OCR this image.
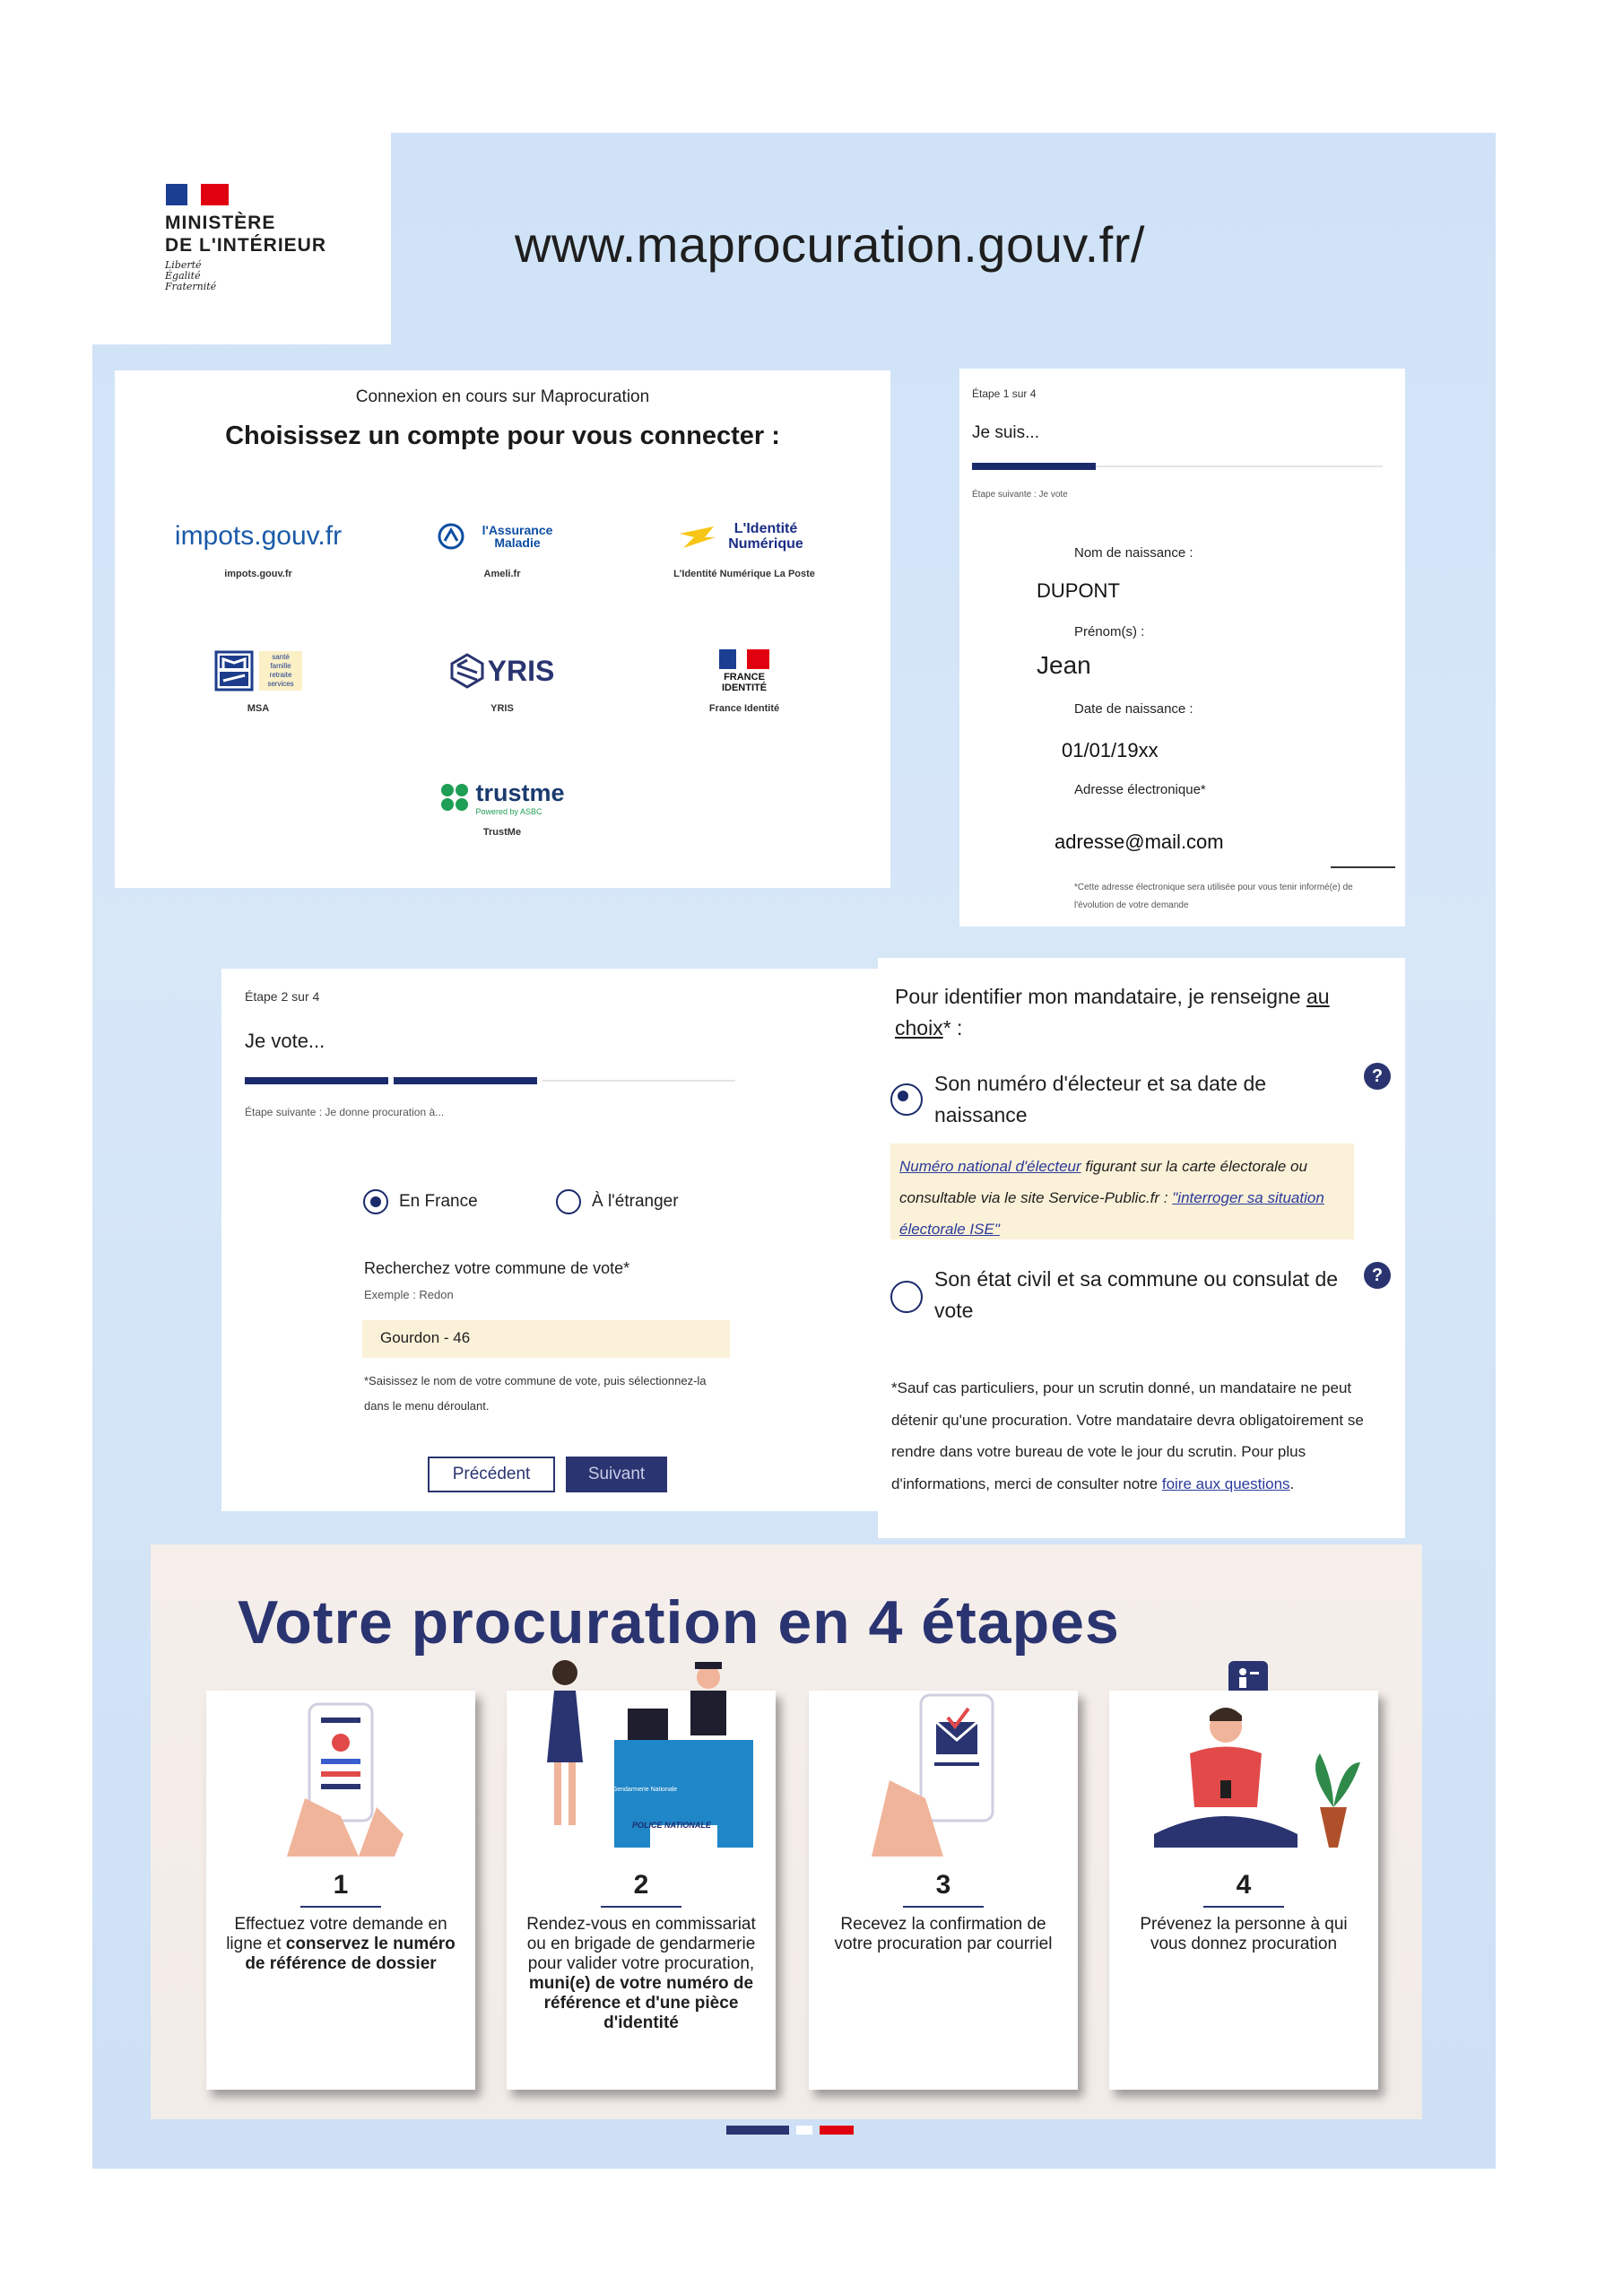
MINISTÈRE
DE L'INTÉRIEUR
Liberté
Égalité
Fraternité
www.maprocuration.gouv.fr/
Connexion en cours sur Maprocuration
Choisissez un compte pour vous connecter :
impots.gouv.fr
impots.gouv.fr
l'Assurance Maladie
Ameli.fr
L'Identité Numérique
L'Identité Numérique La Poste
santé famille retraite services
MSA
YRIS
YRIS
FRANCE IDENTITÉ
France Identité
trustme
Powered by ASBC
TrustMe
Étape 1 sur 4
Je suis...
Étape suivante : Je vote
Nom de naissance :
DUPONT
Prénom(s) :
Jean
Date de naissance :
01/01/19xx
Adresse électronique*
adresse@mail.com
*Cette adresse électronique sera utilisée pour vous tenir informé(e) de l'évolution de votre demande
Étape 2 sur 4
Je vote...
Étape suivante : Je donne procuration à...
En France	À l'étranger
Recherchez votre commune de vote*
Exemple : Redon
Gourdon - 46
*Saisissez le nom de votre commune de vote, puis sélectionnez-la dans le menu déroulant.
Précédent	Suivant
Pour identifier mon mandataire, je renseigne au choix* :
Son numéro d'électeur et sa date de naissance
?
Numéro national d'électeur figurant sur la carte électorale ou consultable via le site Service-Public.fr : "interroger sa situation électorale ISE"
Son état civil et sa commune ou consulat de vote
?
*Sauf cas particuliers, pour un scrutin donné, un mandataire ne peut détenir qu'une procuration. Votre mandataire devra obligatoirement se rendre dans votre bureau de vote le jour du scrutin. Pour plus d'informations, merci de consulter notre foire aux questions.
Votre procuration en 4 étapes
1
Effectuez votre demande en ligne et conservez le numéro de référence de dossier
POLICE NATIONALE
Gendarmerie Nationale
2
Rendez-vous en commissariat ou en brigade de gendarmerie pour valider votre procuration, muni(e) de votre numéro de référence et d'une pièce d'identité
3
Recevez la confirmation de votre procuration par courriel
4
Prévenez la personne à qui vous donnez procuration
